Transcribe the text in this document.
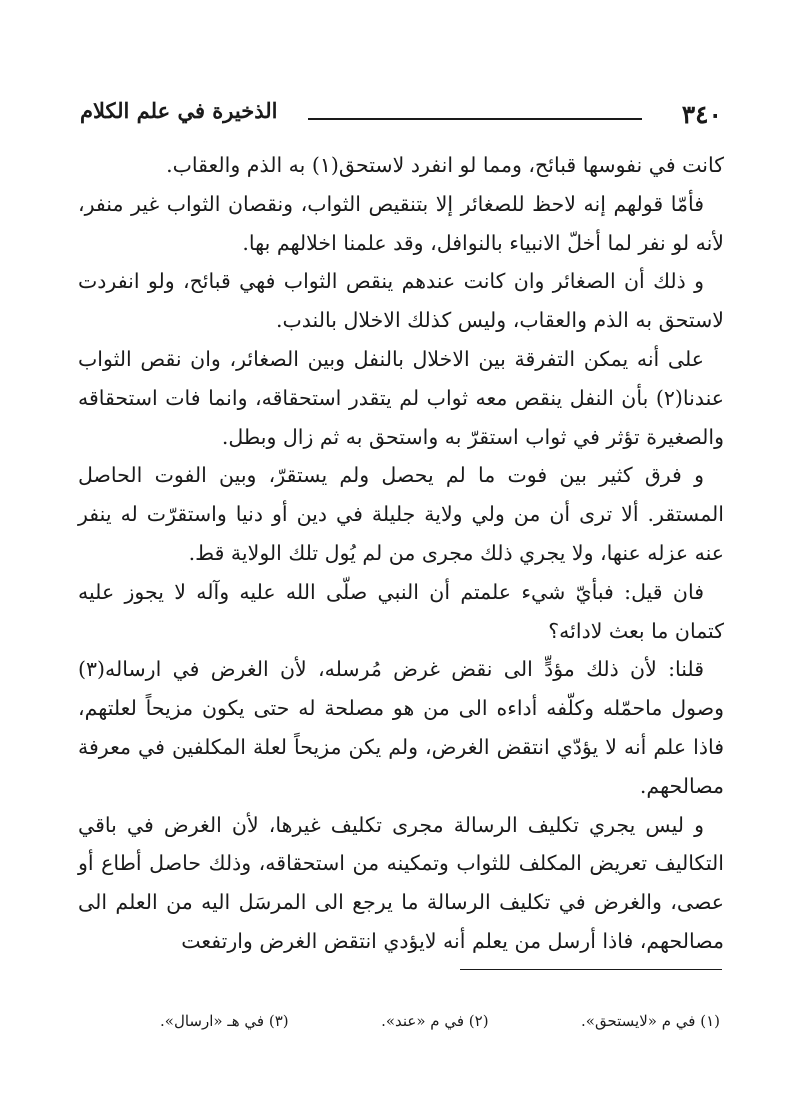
٣٤٠
الذخيرة في علم الكلام

كانت في نفوسها قبائح، ومما لو انفرد لاستحق(١) به الذم والعقاب.

فأمّا قولهم إنه لاحظ للصغائر إلا بتنقيص الثواب، ونقصان الثواب غير منفر، لأنه لو نفر لما أخلّ الانبياء بالنوافل، وقد علمنا اخلالهم بها.

و ذلك أن الصغائر وان كانت عندهم ينقص الثواب فهي قبائح، ولو انفردت لاستحق به الذم والعقاب، وليس كذلك الاخلال بالندب.

على أنه يمكن التفرقة بين الاخلال بالنفل وبين الصغائر، وان نقص الثواب عندنا(٢) بأن النفل ينقص معه ثواب لم يتقدر استحقاقه، وانما فات استحقاقه والصغيرة تؤثر في ثواب استقرّ به واستحق به ثم زال وبطل.

و فرق كثير بين فوت ما لم يحصل ولم يستقرّ، وبين الفوت الحاصل المستقر. ألا ترى أن من ولي ولاية جليلة في دين أو دنيا واستقرّت له ينفر عنه عزله عنها، ولا يجري ذلك مجرى من لم يُول تلك الولاية قط.

فان قيل: فبأيّ شيء علمتم أن النبي صلّى الله عليه وآله لا يجوز عليه كتمان ما بعث لادائه؟

قلنا: لأن ذلك مؤدٍّ الى نقض غرض مُرسله، لأن الغرض في ارساله(٣) وصول ماحمّله وكلّفه أداءه الى من هو مصلحة له حتى يكون مزيحاً لعلتهم، فاذا علم أنه لا يؤدّي انتقض الغرض، ولم يكن مزيحاً لعلة المكلفين في معرفة مصالحهم.

و ليس يجري تكليف الرسالة مجرى تكليف غيرها، لأن الغرض في باقي التكاليف تعريض المكلف للثواب وتمكينه من استحقاقه، وذلك حاصل أطاع أو عصى، والغرض في تكليف الرسالة ما يرجع الى المرسَل اليه من العلم الى مصالحهم، فاذا أرسل من يعلم أنه لايؤدي انتقض الغرض وارتفعت

(١) في م «لايستحق».
(٢) في م «عند».
(٣) في هـ «ارسال».
